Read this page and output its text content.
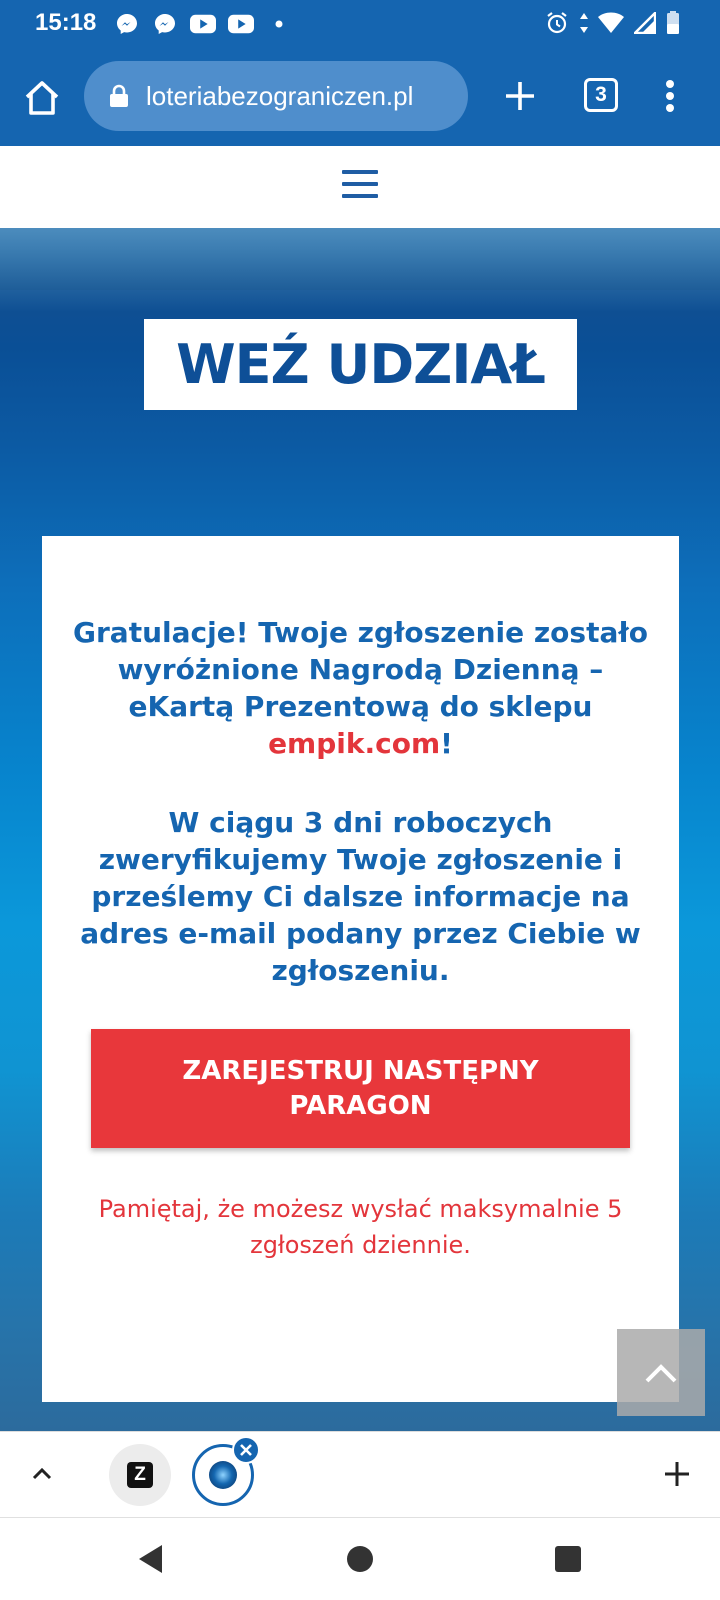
15:18
loteriabezograniczen.pl	3
WEŹ UDZIAŁ
Gratulacje! Twoje zgłoszenie zostało wyróżnione Nagrodą Dzienną – eKartą Prezentową do sklepu empik.com!
W ciągu 3 dni roboczych zweryfikujemy Twoje zgłoszenie i prześlemy Ci dalsze informacje na adres e-mail podany przez Ciebie w zgłoszeniu.
ZAREJESTRUJ NASTĘPNY PARAGON
Pamiętaj, że możesz wysłać maksymalnie 5 zgłoszeń dziennie.
Z
